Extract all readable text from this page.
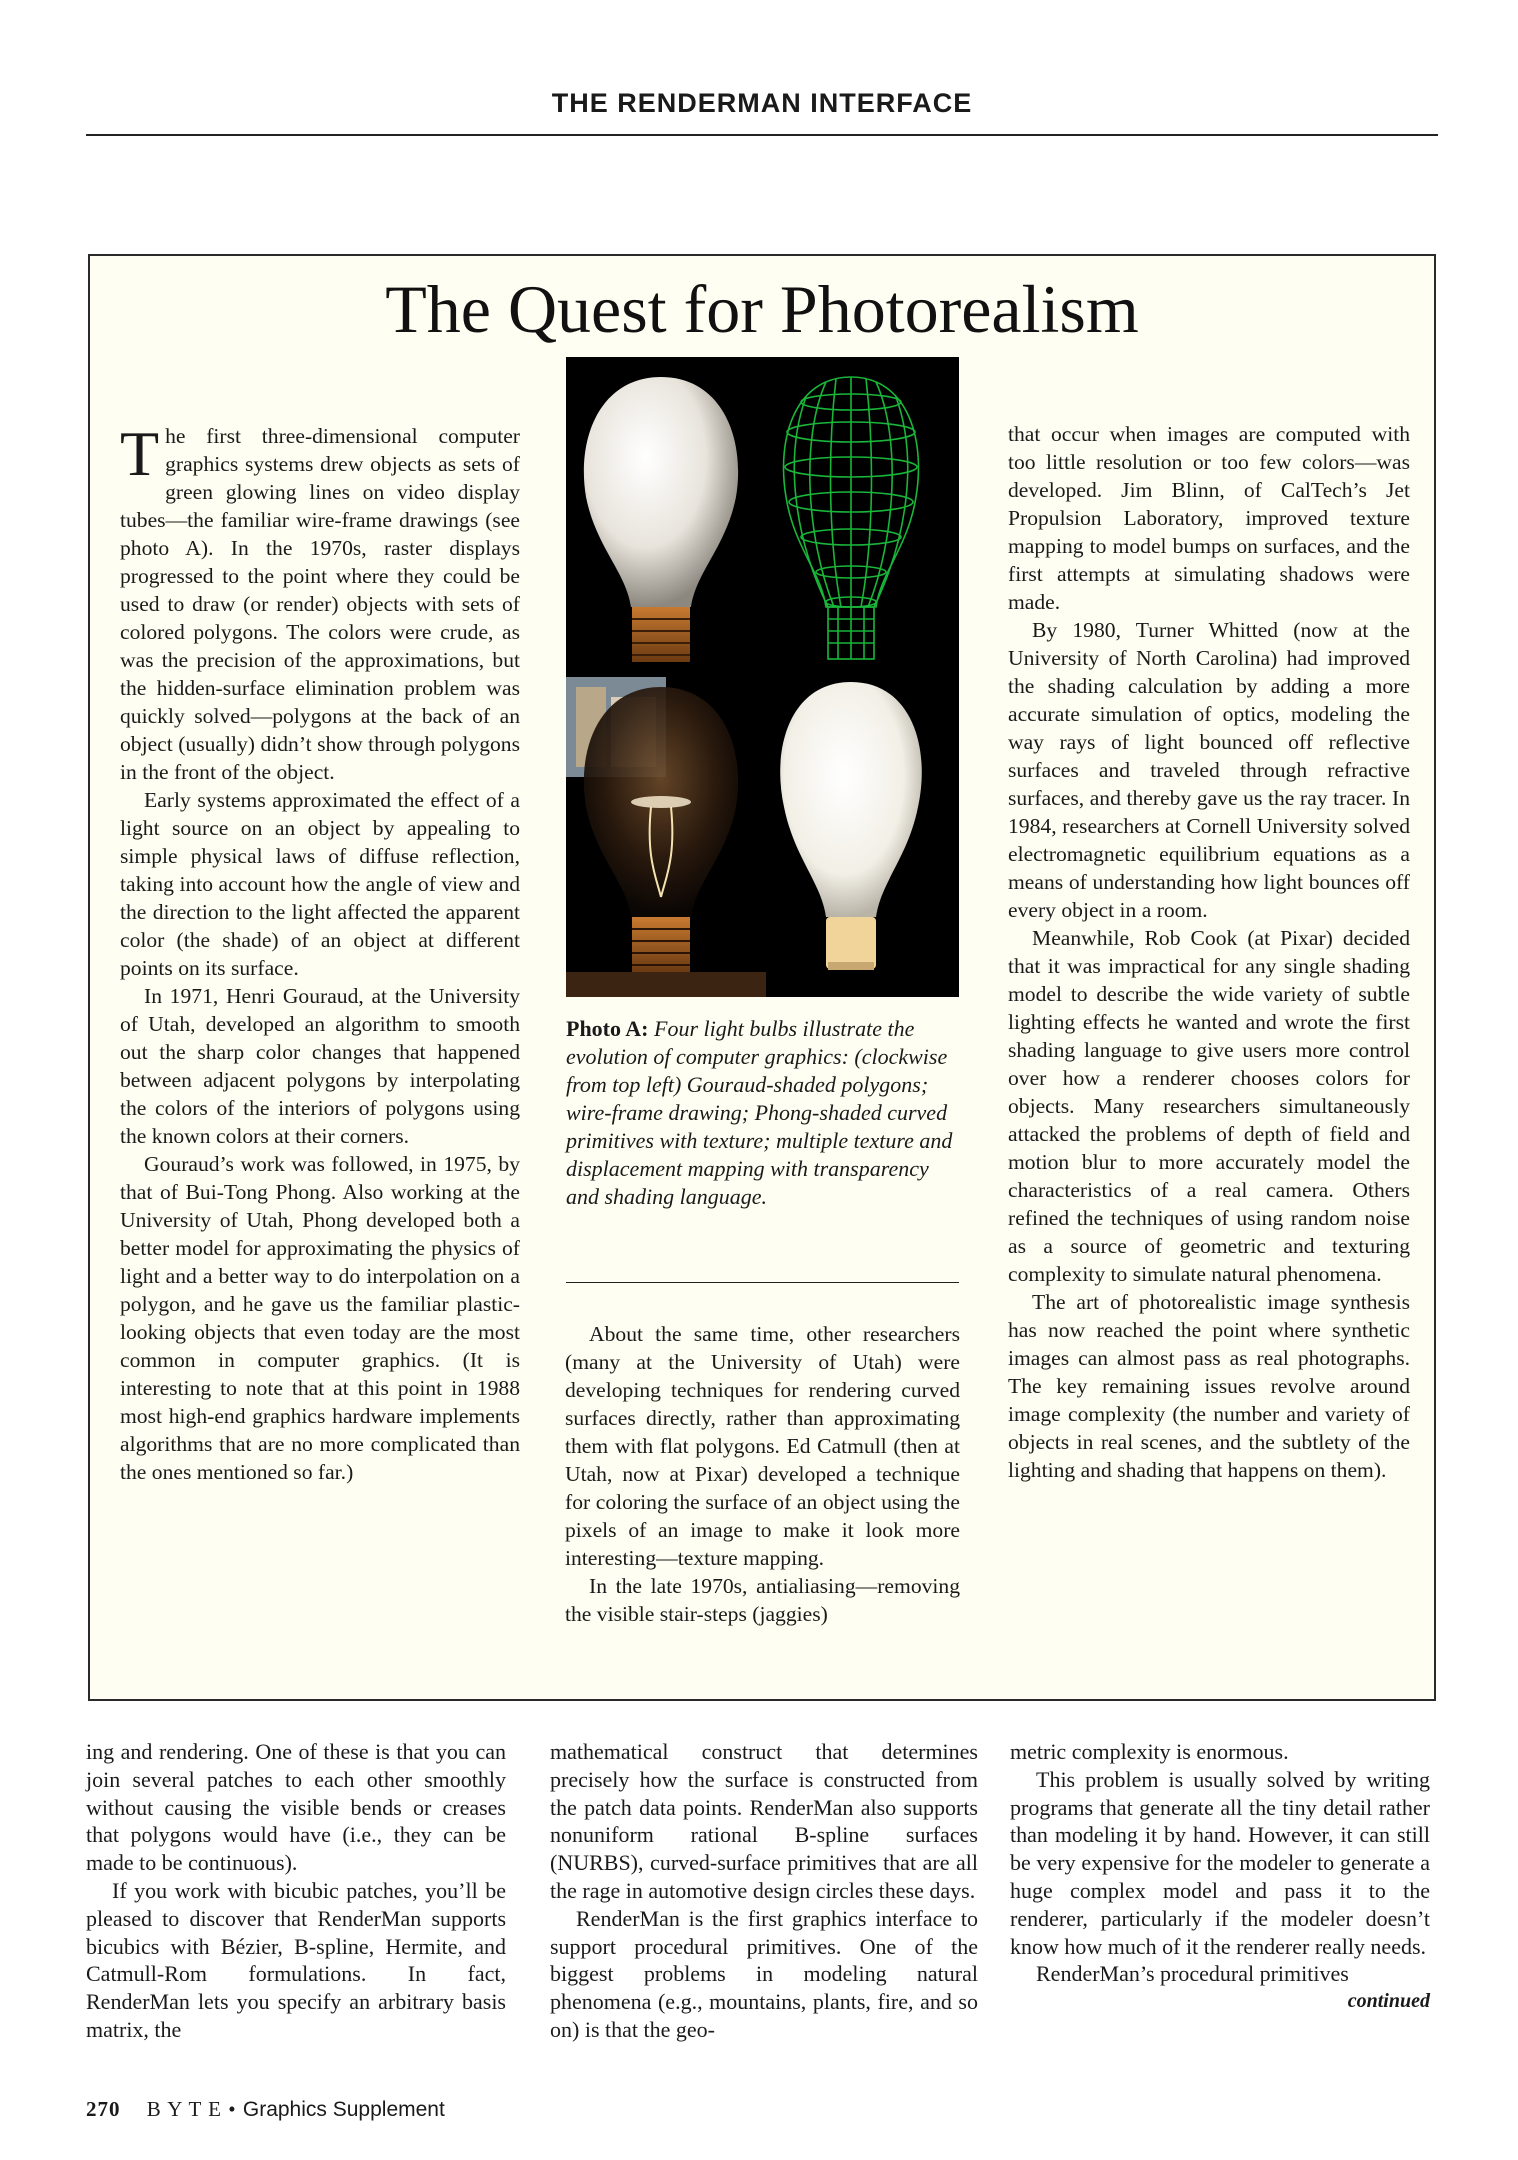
THE RENDERMAN INTERFACE
The Quest for Photorealism

The first three-dimensional computer graphics systems drew objects as sets of green glowing lines on video display tubes—the familiar wire-frame drawings (see photo A). In the 1970s, raster displays progressed to the point where they could be used to draw (or render) objects with sets of colored polygons. The colors were crude, as was the precision of the approximations, but the hidden-surface elimination problem was quickly solved—polygons at the back of an object (usually) didn’t show through polygons in the front of the object.

Early systems approximated the effect of a light source on an object by appealing to simple physical laws of diffuse reflection, taking into account how the angle of view and the direction to the light affected the apparent color (the shade) of an object at different points on its surface.

In 1971, Henri Gouraud, at the University of Utah, developed an algorithm to smooth out the sharp color changes that happened between adjacent polygons by interpolating the colors of the interiors of polygons using the known colors at their corners.

Gouraud’s work was followed, in 1975, by that of Bui-Tong Phong. Also working at the University of Utah, Phong developed both a better model for approximating the physics of light and a better way to do interpolation on a polygon, and he gave us the familiar plastic-looking objects that even today are the most common in computer graphics. (It is interesting to note that at this point in 1988 most high-end graphics hardware implements algorithms that are no more complicated than the ones mentioned so far.)

Photo A: Four light bulbs illustrate the evolution of computer graphics: (clockwise from top left) Gouraud-shaded polygons; wire-frame drawing; Phong-shaded curved primitives with texture; multiple texture and displacement mapping with transparency and shading language.

About the same time, other researchers (many at the University of Utah) were developing techniques for rendering curved surfaces directly, rather than approximating them with flat polygons. Ed Catmull (then at Utah, now at Pixar) developed a technique for coloring the surface of an object using the pixels of an image to make it look more interesting—texture mapping.

In the late 1970s, antialiasing—removing the visible stair-steps (jaggies)

that occur when images are computed with too little resolution or too few colors—was developed. Jim Blinn, of CalTech’s Jet Propulsion Laboratory, improved texture mapping to model bumps on surfaces, and the first attempts at simulating shadows were made.

By 1980, Turner Whitted (now at the University of North Carolina) had improved the shading calculation by adding a more accurate simulation of optics, modeling the way rays of light bounced off reflective surfaces and traveled through refractive surfaces, and thereby gave us the ray tracer. In 1984, researchers at Cornell University solved electromagnetic equilibrium equations as a means of understanding how light bounces off every object in a room.

Meanwhile, Rob Cook (at Pixar) decided that it was impractical for any single shading model to describe the wide variety of subtle lighting effects he wanted and wrote the first shading language to give users more control over how a renderer chooses colors for objects. Many researchers simultaneously attacked the problems of depth of field and motion blur to more accurately model the characteristics of a real camera. Others refined the techniques of using random noise as a source of geometric and texturing complexity to simulate natural phenomena.

The art of photorealistic image synthesis has now reached the point where synthetic images can almost pass as real photographs. The key remaining issues revolve around image complexity (the number and variety of objects in real scenes, and the subtlety of the lighting and shading that happens on them).

ing and rendering. One of these is that you can join several patches to each other smoothly without causing the visible bends or creases that polygons would have (i.e., they can be made to be continuous).

If you work with bicubic patches, you’ll be pleased to discover that RenderMan supports bicubics with Bézier, B-spline, Hermite, and Catmull-Rom formulations. In fact, RenderMan lets you specify an arbitrary basis matrix, the

mathematical construct that determines precisely how the surface is constructed from the patch data points. RenderMan also supports nonuniform rational B-spline surfaces (NURBS), curved-surface primitives that are all the rage in automotive design circles these days.

RenderMan is the first graphics interface to support procedural primitives. One of the biggest problems in modeling natural phenomena (e.g., mountains, plants, fire, and so on) is that the geo-

metric complexity is enormous.

This problem is usually solved by writing programs that generate all the tiny detail rather than modeling it by hand. However, it can still be very expensive for the modeler to generate a huge complex model and pass it to the renderer, particularly if the modeler doesn’t know how much of it the renderer really needs.

RenderMan’s procedural primitives

continued
270 B Y T E • Graphics Supplement
